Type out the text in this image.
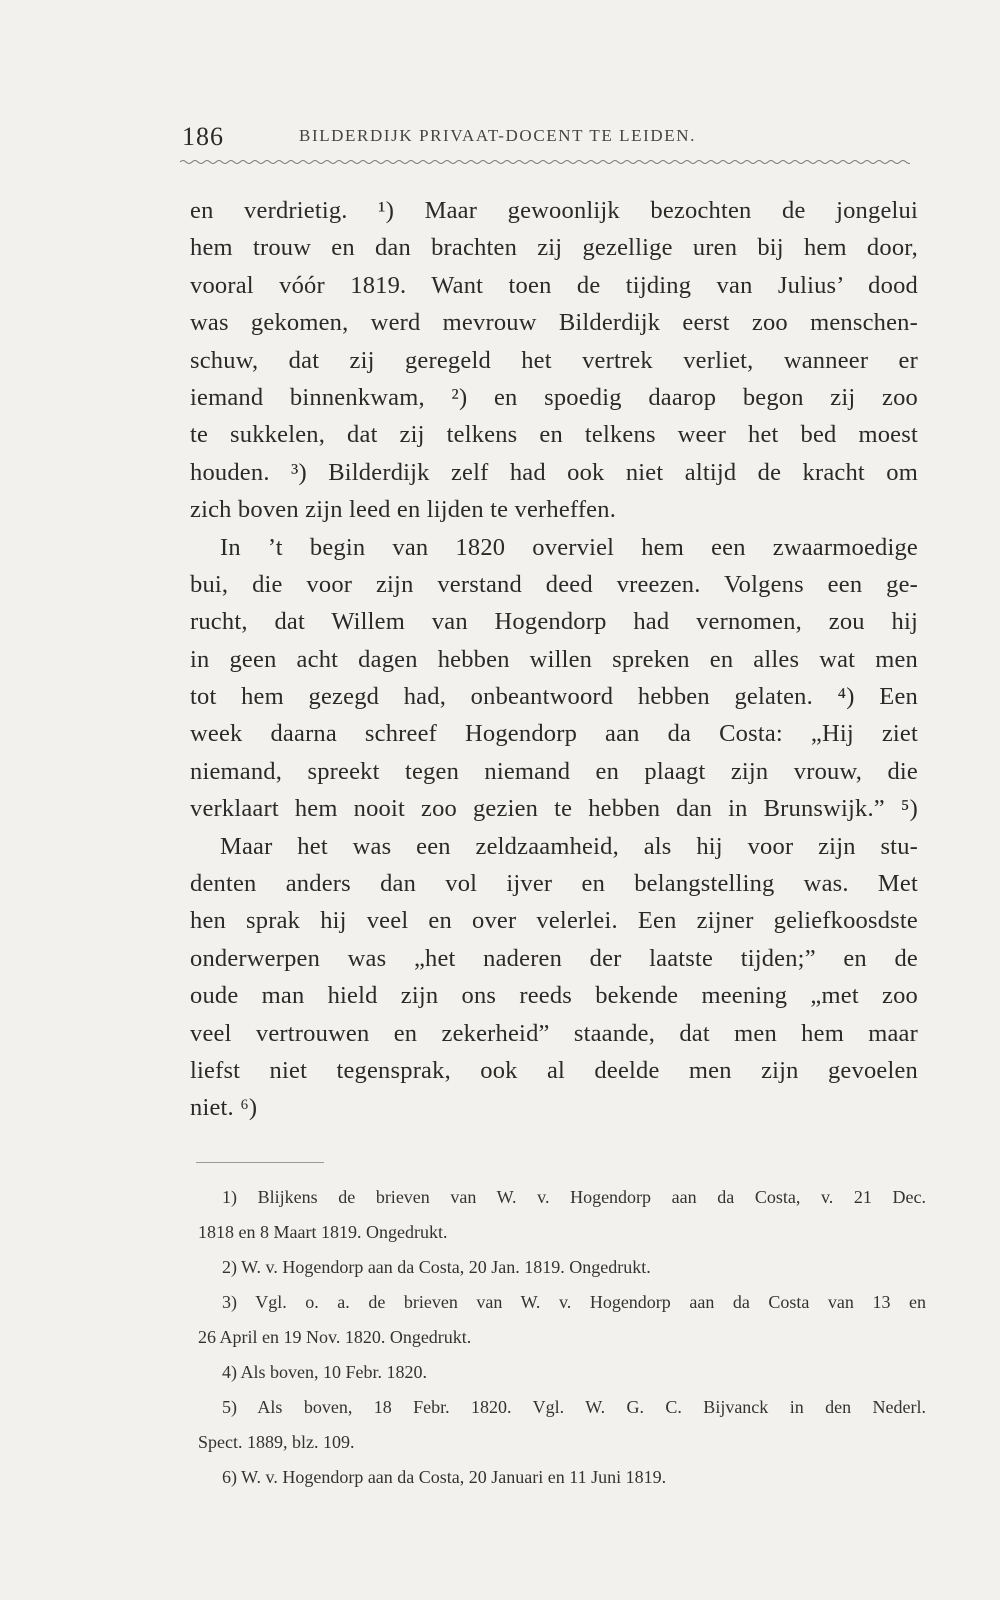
186	BILDERDIJK PRIVAAT-DOCENT TE LEIDEN.
en verdrietig. ¹) Maar gewoonlijk bezochten de jongelui
hem trouw en dan brachten zij gezellige uren bij hem door,
vooral vóór 1819. Want toen de tijding van Julius’ dood
was gekomen, werd mevrouw Bilderdijk eerst zoo menschen-
schuw, dat zij geregeld het vertrek verliet, wanneer er
iemand binnenkwam, ²) en spoedig daarop begon zij zoo
te sukkelen, dat zij telkens en telkens weer het bed moest
houden. ³) Bilderdijk zelf had ook niet altijd de kracht om
zich boven zijn leed en lijden te verheffen.
In ’t begin van 1820 overviel hem een zwaarmoedige
bui, die voor zijn verstand deed vreezen. Volgens een ge-
rucht, dat Willem van Hogendorp had vernomen, zou hij
in geen acht dagen hebben willen spreken en alles wat men
tot hem gezegd had, onbeantwoord hebben gelaten. ⁴) Een
week daarna schreef Hogendorp aan da Costa: „Hij ziet
niemand, spreekt tegen niemand en plaagt zijn vrouw, die
verklaart hem nooit zoo gezien te hebben dan in Brunswijk.” ⁵)
Maar het was een zeldzaamheid, als hij voor zijn stu-
denten anders dan vol ijver en belangstelling was. Met
hen sprak hij veel en over velerlei. Een zijner geliefkoosdste
onderwerpen was „het naderen der laatste tijden;” en de
oude man hield zijn ons reeds bekende meening „met zoo
veel vertrouwen en zekerheid” staande, dat men hem maar
liefst niet tegensprak, ook al deelde men zijn gevoelen
niet. ⁶)
1) Blijkens de brieven van W. v. Hogendorp aan da Costa, v. 21 Dec.
1818 en 8 Maart 1819. Ongedrukt.
2) W. v. Hogendorp aan da Costa, 20 Jan. 1819. Ongedrukt.
3) Vgl. o. a. de brieven van W. v. Hogendorp aan da Costa van 13 en
26 April en 19 Nov. 1820. Ongedrukt.
4) Als boven, 10 Febr. 1820.
5) Als boven, 18 Febr. 1820. Vgl. W. G. C. Bijvanck in den Nederl.
Spect. 1889, blz. 109.
6) W. v. Hogendorp aan da Costa, 20 Januari en 11 Juni 1819.
